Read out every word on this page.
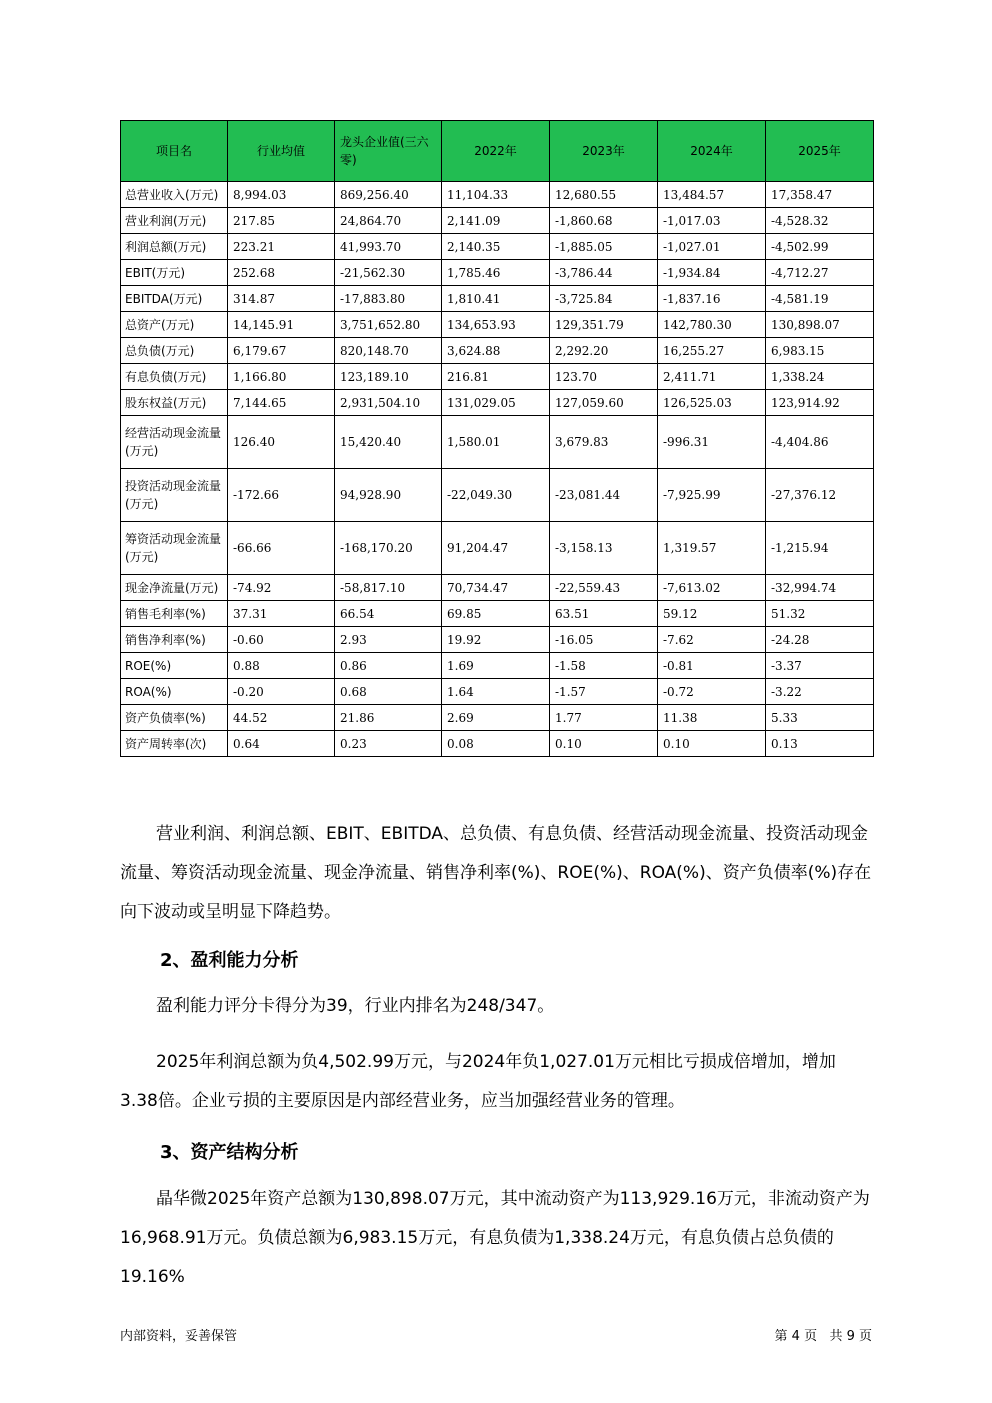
项目名	行业均值	龙头企业值(三六零)	2022年	2023年	2024年	2025年
总营业收入(万元)	8,994.03	869,256.40	11,104.33	12,680.55	13,484.57	17,358.47
营业利润(万元)	217.85	24,864.70	2,141.09	-1,860.68	-1,017.03	-4,528.32
利润总额(万元)	223.21	41,993.70	2,140.35	-1,885.05	-1,027.01	-4,502.99
EBIT(万元)	252.68	-21,562.30	1,785.46	-3,786.44	-1,934.84	-4,712.27
EBITDA(万元)	314.87	-17,883.80	1,810.41	-3,725.84	-1,837.16	-4,581.19
总资产(万元)	14,145.91	3,751,652.80	134,653.93	129,351.79	142,780.30	130,898.07
总负债(万元)	6,179.67	820,148.70	3,624.88	2,292.20	16,255.27	6,983.15
有息负债(万元)	1,166.80	123,189.10	216.81	123.70	2,411.71	1,338.24
股东权益(万元)	7,144.65	2,931,504.10	131,029.05	127,059.60	126,525.03	123,914.92
经营活动现金流量(万元)	126.40	15,420.40	1,580.01	3,679.83	-996.31	-4,404.86
投资活动现金流量(万元)	-172.66	94,928.90	-22,049.30	-23,081.44	-7,925.99	-27,376.12
筹资活动现金流量(万元)	-66.66	-168,170.20	91,204.47	-3,158.13	1,319.57	-1,215.94
现金净流量(万元)	-74.92	-58,817.10	70,734.47	-22,559.43	-7,613.02	-32,994.74
销售毛利率(%)	37.31	66.54	69.85	63.51	59.12	51.32
销售净利率(%)	-0.60	2.93	19.92	-16.05	-7.62	-24.28
ROE(%)	0.88	0.86	1.69	-1.58	-0.81	-3.37
ROA(%)	-0.20	0.68	1.64	-1.57	-0.72	-3.22
资产负债率(%)	44.52	21.86	2.69	1.77	11.38	5.33
资产周转率(次)	0.64	0.23	0.08	0.10	0.10	0.13
营业利润、利润总额、EBIT、EBITDA、总负债、有息负债、经营活动现金流量、投资活动现金流量、筹资活动现金流量、现金净流量、销售净利率(%)、ROE(%)、ROA(%)、资产负债率(%)存在向下波动或呈明显下降趋势。
2、盈利能力分析
盈利能力评分卡得分为39，行业内排名为248/347。
2025年利润总额为负4,502.99万元，与2024年负1,027.01万元相比亏损成倍增加，增加3.38倍。企业亏损的主要原因是内部经营业务，应当加强经营业务的管理。
3、资产结构分析
晶华微2025年资产总额为130,898.07万元，其中流动资产为113,929.16万元，非流动资产为16,968.91万元。负债总额为6,983.15万元，有息负债为1,338.24万元，有息负债占总负债的19.16%
内部资料，妥善保管	第 4 页   共 9 页
